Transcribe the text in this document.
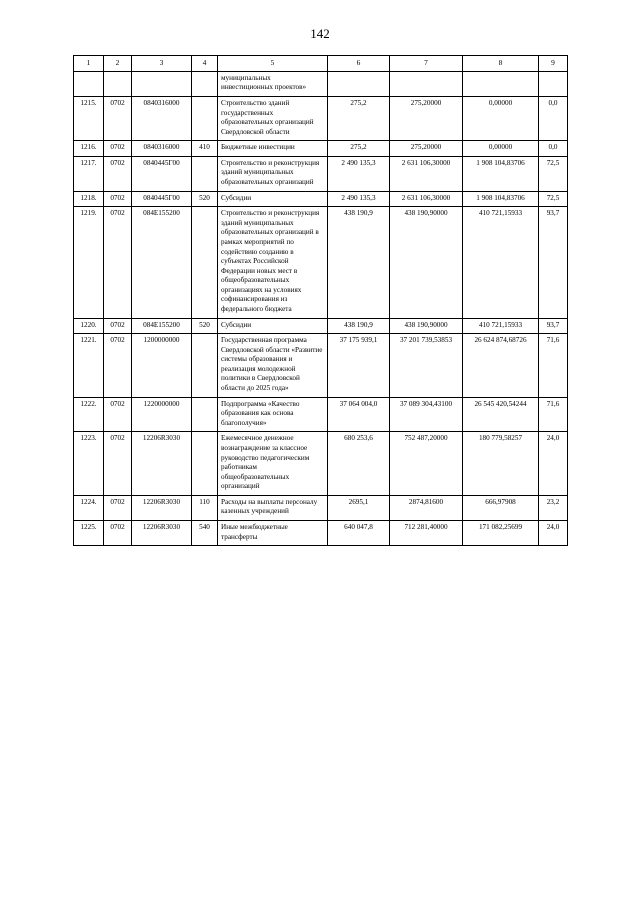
142
1	2	3	4	5	6	7	8	9
				муниципальных инвестиционных проектов»				
1215.	0702	0840316000		Строительство зданий государственных образовательных организаций Свердловской области	275,2	275,20000	0,00000	0,0
1216.	0702	0840316000	410	Бюджетные инвестиции	275,2	275,20000	0,00000	0,0
1217.	0702	0840445Г00		Строительство и реконструкция зданий муниципальных образовательных организаций	2 490 135,3	2 631 106,30000	1 908 104,83706	72,5
1218.	0702	0840445Г00	520	Субсидии	2 490 135,3	2 631 106,30000	1 908 104,83706	72,5
1219.	0702	084Е155200		Строительство и реконструкция зданий муниципальных образовательных организаций в рамках мероприятий по содействию созданию в субъектах Российской Федерации новых мест в общеобразовательных организациях на условиях софинансирования из федерального бюджета	438 190,9	438 190,90000	410 721,15933	93,7
1220.	0702	084Е155200	520	Субсидии	438 190,9	438 190,90000	410 721,15933	93,7
1221.	0702	1200000000		Государственная программа Свердловской области «Развитие системы образования и реализация молодежной политики в Свердловской области до 2025 года»	37 175 939,1	37 201 739,53853	26 624 874,68726	71,6
1222.	0702	1220000000		Подпрограмма «Качество образования как основа благополучия»	37 064 004,0	37 089 304,43100	26 545 420,54244	71,6
1223.	0702	12206R3030		Ежемесячное денежное вознаграждение за классное руководство педагогическим работникам общеобразовательных организаций	680 253,6	752 487,20000	180 779,58257	24,0
1224.	0702	12206R3030	110	Расходы на выплаты персоналу казенных учреждений	2695,1	2874,81600	666,97908	23,2
1225.	0702	12206R3030	540	Иные межбюджетные трансферты	640 047,8	712 281,40000	171 082,25699	24,0
